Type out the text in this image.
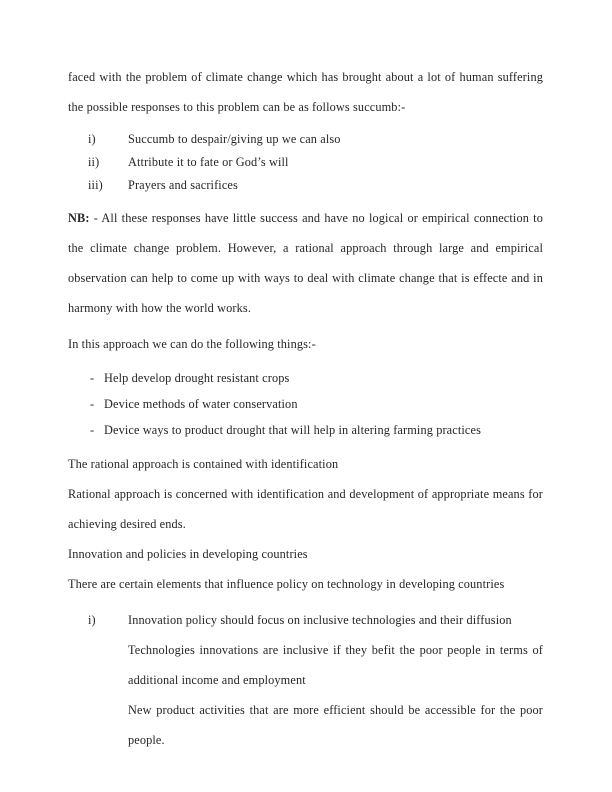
faced with the problem of climate change which has brought about a lot of human suffering the possible responses to this problem can be as follows succumb:-

i)	Succumb to despair/giving up we can also
ii)	Attribute it to fate or God’s will
iii)	Prayers and sacrifices

NB: - All these responses have little success and have no logical or empirical connection to the climate change problem. However, a rational approach through large and empirical observation can help to come up with ways to deal with climate change that is effecte and in harmony with how the world works.

In this approach we can do the following things:-

- Help develop drought resistant crops
- Device methods of water conservation
- Device ways to product drought that will help in altering farming practices

The rational approach is contained with identification

Rational approach is concerned with identification and development of appropriate means for achieving desired ends.

Innovation and policies in developing countries

There are certain elements that influence policy on technology in developing countries

i)	Innovation policy should focus on inclusive technologies and their diffusion

Technologies innovations are inclusive if they befit the poor people in terms of additional income and employment

New product activities that are more efficient should be accessible for the poor people.
